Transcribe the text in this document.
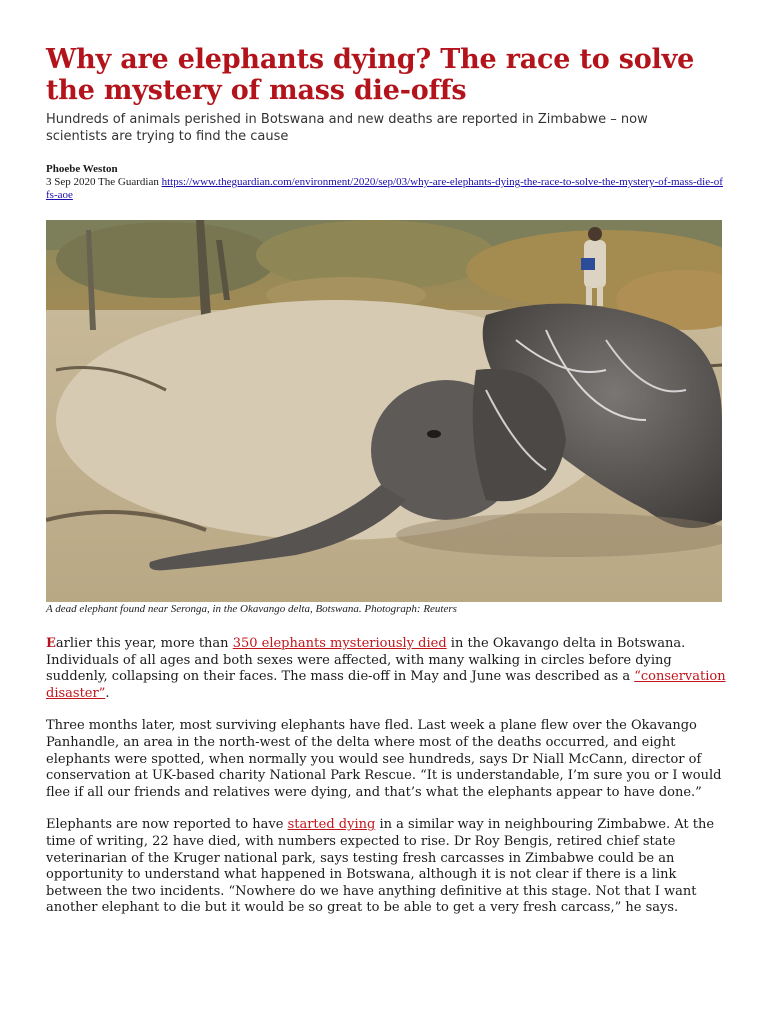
Why are elephants dying? The race to solve the mystery of mass die-offs
Hundreds of animals perished in Botswana and new deaths are reported in Zimbabwe – now scientists are trying to find the cause
Phoebe Weston
3 Sep 2020 The Guardian https://www.theguardian.com/environment/2020/sep/03/why-are-elephants-dying-the-race-to-solve-the-mystery-of-mass-die-offs-aoe
A dead elephant found near Seronga, in the Okavango delta, Botswana. Photograph: Reuters

Earlier this year, more than 350 elephants mysteriously died in the Okavango delta in Botswana. Individuals of all ages and both sexes were affected, with many walking in circles before dying suddenly, collapsing on their faces. The mass die-off in May and June was described as a “conservation disaster”.

Three months later, most surviving elephants have fled. Last week a plane flew over the Okavango Panhandle, an area in the north-west of the delta where most of the deaths occurred, and eight elephants were spotted, when normally you would see hundreds, says Dr Niall McCann, director of conservation at UK-based charity National Park Rescue. “It is understandable, I’m sure you or I would flee if all our friends and relatives were dying, and that’s what the elephants appear to have done.”

Elephants are now reported to have started dying in a similar way in neighbouring Zimbabwe. At the time of writing, 22 have died, with numbers expected to rise. Dr Roy Bengis, retired chief state veterinarian of the Kruger national park, says testing fresh carcasses in Zimbabwe could be an opportunity to understand what happened in Botswana, although it is not clear if there is a link between the two incidents. “Nowhere do we have anything definitive at this stage. Not that I want another elephant to die but it would be so great to be able to get a very fresh carcass,” he says.
